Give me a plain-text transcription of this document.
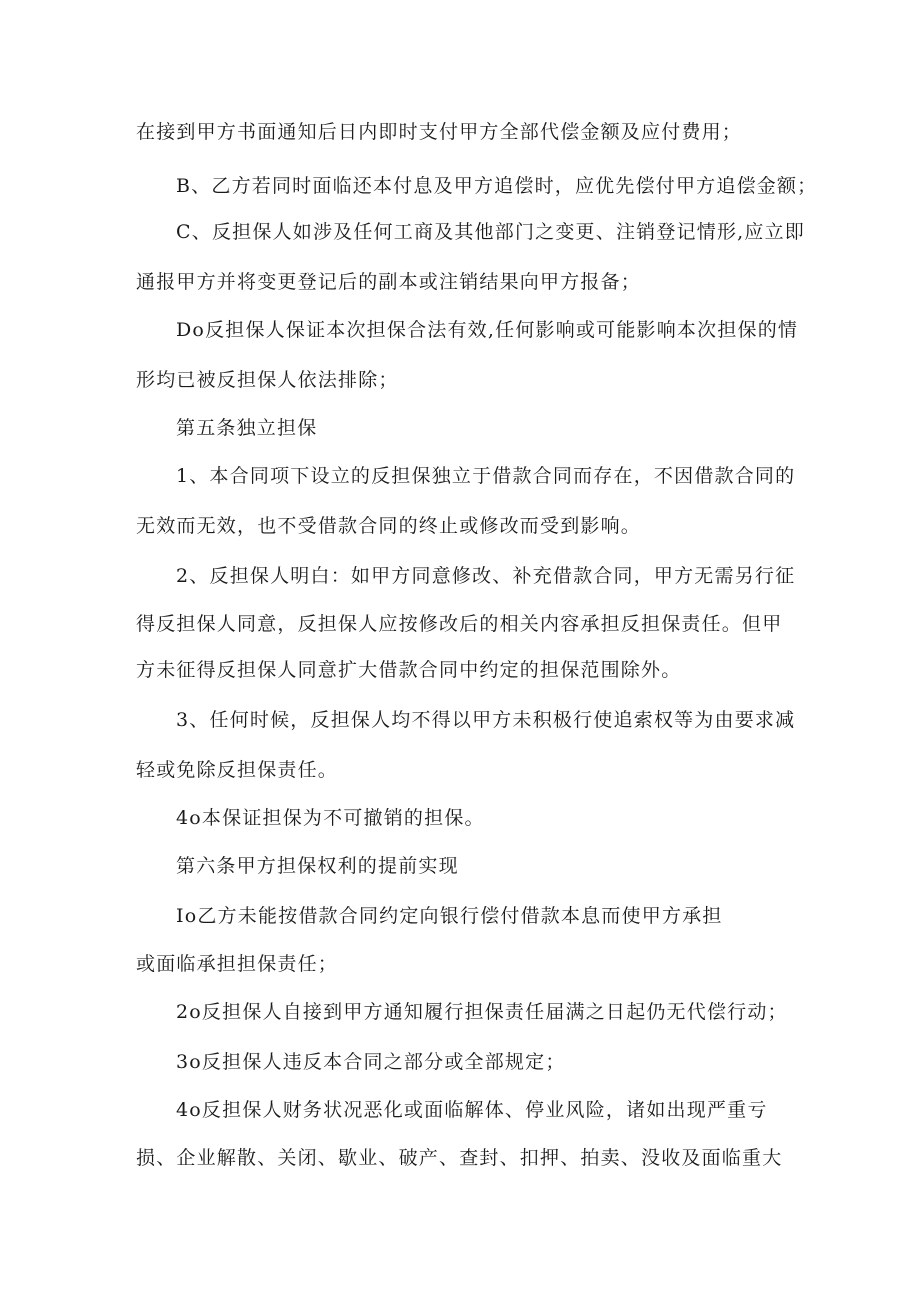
在接到甲方书面通知后日内即时支付甲方全部代偿金额及应付费用；
B、乙方若同时面临还本付息及甲方追偿时，应优先偿付甲方追偿金额；
C、反担保人如涉及任何工商及其他部门之变更、注销登记情形,应立即
通报甲方并将变更登记后的副本或注销结果向甲方报备；
Do反担保人保证本次担保合法有效,任何影响或可能影响本次担保的情
形均已被反担保人依法排除；
第五条独立担保
1、本合同项下设立的反担保独立于借款合同而存在，不因借款合同的
无效而无效，也不受借款合同的终止或修改而受到影响。
2、反担保人明白：如甲方同意修改、补充借款合同，甲方无需另行征
得反担保人同意，反担保人应按修改后的相关内容承担反担保责任。但甲
方未征得反担保人同意扩大借款合同中约定的担保范围除外。
3、任何时候，反担保人均不得以甲方未积极行使追索权等为由要求减
轻或免除反担保责任。
4o本保证担保为不可撤销的担保。
第六条甲方担保权利的提前实现
Io乙方未能按借款合同约定向银行偿付借款本息而使甲方承担
或面临承担担保责任；
2o反担保人自接到甲方通知履行担保责任届满之日起仍无代偿行动；
3o反担保人违反本合同之部分或全部规定；
4o反担保人财务状况恶化或面临解体、停业风险，诸如出现严重亏
损、企业解散、关闭、歇业、破产、查封、扣押、拍卖、没收及面临重大
